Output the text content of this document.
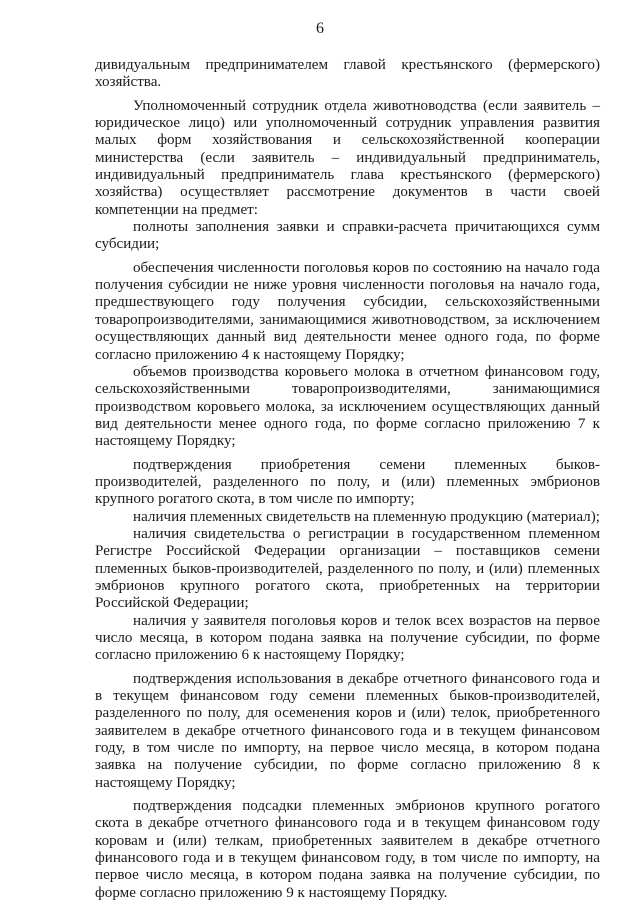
6

дивидуальным предпринимателем главой крестьянского (фермерского) хозяйства.

Уполномоченный сотрудник отдела животноводства (если заявитель – юридическое лицо) или уполномоченный сотрудник управления развития малых форм хозяйствования и сельскохозяйственной кооперации министерства (если заявитель – индивидуальный предприниматель, индивидуальный предприниматель глава крестьянского (фермерского) хозяйства) осуществляет рассмотрение документов в части своей компетенции на предмет:

полноты заполнения заявки и справки-расчета причитающихся сумм субсидии;

обеспечения численности поголовья коров по состоянию на начало года получения субсидии не ниже уровня численности поголовья на начало года, предшествующего году получения субсидии, сельскохозяйственными товаропроизводителями, занимающимися животноводством, за исключением осуществляющих данный вид деятельности менее одного года, по форме согласно приложению 4 к настоящему Порядку;

объемов производства коровьего молока в отчетном финансовом году, сельскохозяйственными товаропроизводителями, занимающимися производством коровьего молока, за исключением осуществляющих данный вид деятельности менее одного года, по форме согласно приложению 7 к настоящему Порядку;

подтверждения приобретения семени племенных быков-производителей, разделенного по полу, и (или) племенных эмбрионов крупного рогатого скота, в том числе по импорту;

наличия племенных свидетельств на племенную продукцию (материал);

наличия свидетельства о регистрации в государственном племенном Регистре Российской Федерации организации – поставщиков семени племенных быков-производителей, разделенного по полу, и (или) племенных эмбрионов крупного рогатого скота, приобретенных на территории Российской Федерации;

наличия у заявителя поголовья коров и телок всех возрастов на первое число месяца, в котором подана заявка на получение субсидии, по форме согласно приложению 6 к настоящему Порядку;

подтверждения использования в декабре отчетного финансового года и в текущем финансовом году семени племенных быков-производителей, разделенного по полу, для осеменения коров и (или) телок, приобретенного заявителем в декабре отчетного финансового года и в текущем финансовом году, в том числе по импорту, на первое число месяца, в котором подана заявка на получение субсидии, по форме согласно приложению 8 к настоящему Порядку;

подтверждения подсадки племенных эмбрионов крупного рогатого скота в декабре отчетного финансового года и в текущем финансовом году коровам и (или) телкам, приобретенных заявителем в декабре отчетного финансового года и в текущем финансовом году, в том числе по импорту, на первое число месяца, в котором подана заявка на получение субсидии, по форме согласно приложению 9 к настоящему Порядку.
